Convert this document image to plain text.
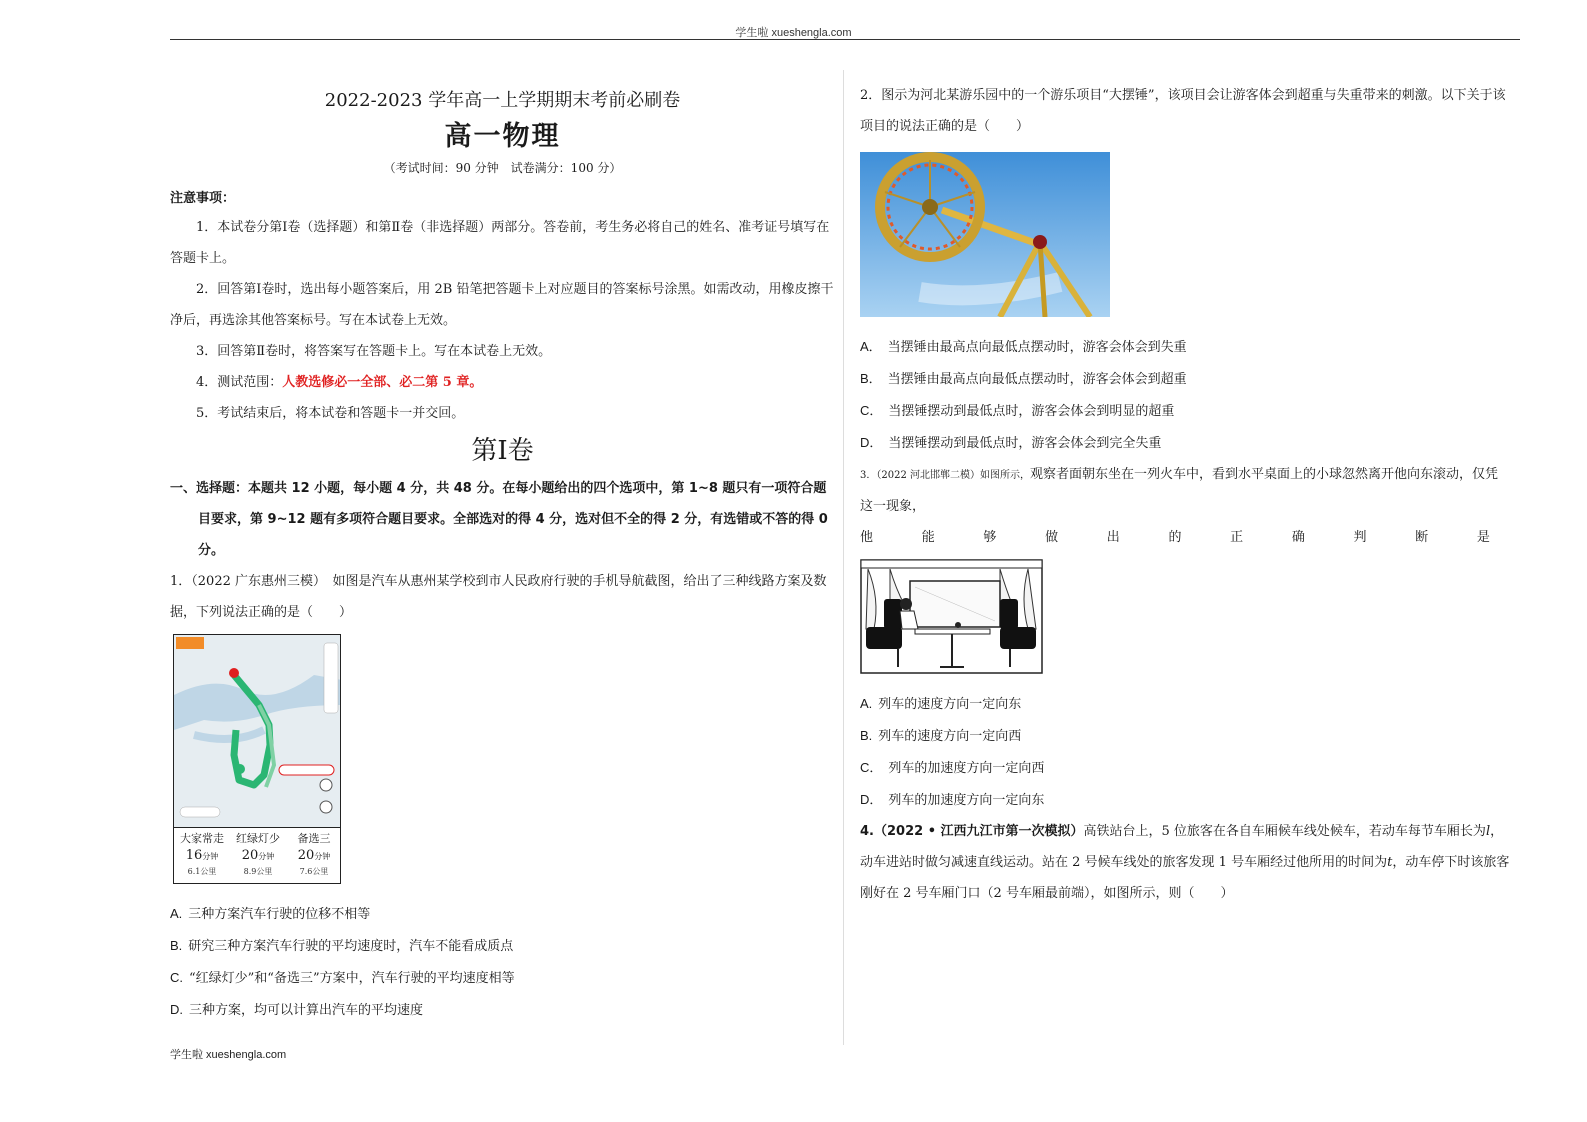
学生啦 xueshengla.com
2022-2023 学年高一上学期期末考前必刷卷
高一物理
（考试时间：90 分钟　试卷满分：100 分）
注意事项：
1．本试卷分第Ⅰ卷（选择题）和第Ⅱ卷（非选择题）两部分。答卷前，考生务必将自己的姓名、准考证号填写在答题卡上。
2．回答第Ⅰ卷时，选出每小题答案后，用 2B 铅笔把答题卡上对应题目的答案标号涂黑。如需改动，用橡皮擦干净后，再选涂其他答案标号。写在本试卷上无效。
3．回答第Ⅱ卷时，将答案写在答题卡上。写在本试卷上无效。
4．测试范围：人教选修必一全部、必二第 5 章。
5．考试结束后，将本试卷和答题卡一并交回。
第Ⅰ卷
一、选择题：本题共 12 小题，每小题 4 分，共 48 分。在每小题给出的四个选项中，第 1~8 题只有一项符合题目要求，第 9~12 题有多项符合题目要求。全部选对的得 4 分，选对但不全的得 2 分，有选错或不答的得 0 分。
1．（2022 广东惠州三模）　如图是汽车从惠州某学校到市人民政府行驶的手机导航截图，给出了三种线路方案及数据，下列说法正确的是（　　）
大家常走
16分钟
6.1公里
红绿灯少
20分钟
8.9公里
备选三
20分钟
7.6公里
A. 三种方案汽车行驶的位移不相等
B. 研究三种方案汽车行驶的平均速度时，汽车不能看成质点
C. “红绿灯少”和“备选三”方案中，汽车行驶的平均速度相等
D. 三种方案，均可以计算出汽车的平均速度
2．图示为河北某游乐园中的一个游乐项目“大摆锤”，该项目会让游客体会到超重与失重带来的刺激。以下关于该项目的说法正确的是（　　）
A． 当摆锤由最高点向最低点摆动时，游客会体会到失重
B． 当摆锤由最高点向最低点摆动时，游客会体会到超重
C． 当摆锤摆动到最低点时，游客会体会到明显的超重
D． 当摆锤摆动到最低点时，游客会体会到完全失重
3．（2022 河北邯郸二模）如图所示，观察者面朝东坐在一列火车中，看到水平桌面上的小球忽然离开他向东滚动，仅凭这一现象，
他	能	够	做	出	的	正	确	判	断	是
A. 列车的速度方向一定向东
B. 列车的速度方向一定向西
C． 列车的加速度方向一定向西
D． 列车的加速度方向一定向东
4.（2022 • 江西九江市第一次模拟）高铁站台上，5 位旅客在各自车厢候车线处候车，若动车每节车厢长为l，动车进站时做匀减速直线运动。站在 2 号候车线处的旅客发现 1 号车厢经过他所用的时间为t，动车停下时该旅客刚好在 2 号车厢门口（2 号车厢最前端），如图所示，则（　　）
学生啦 xueshengla.com
